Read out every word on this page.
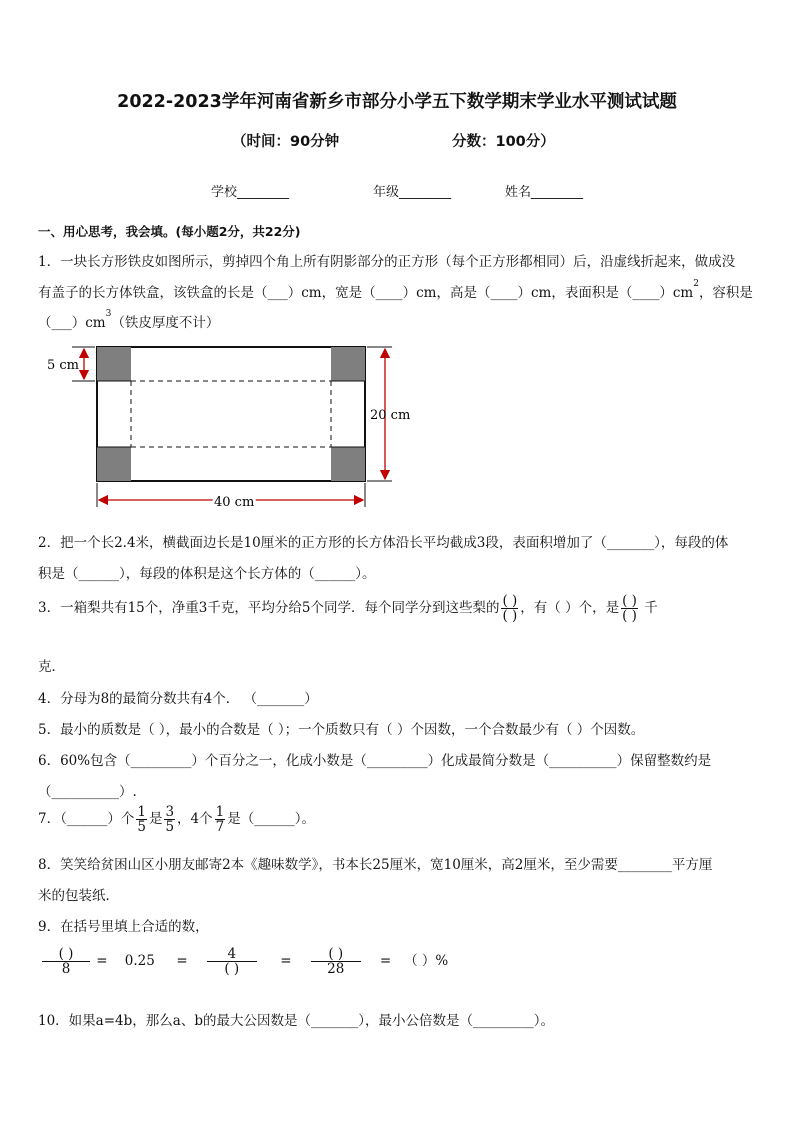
2022-2023学年河南省新乡市部分小学五下数学期末学业水平测试试题
（时间：90分钟	分数：100分）
学校________	年级________	姓名________
一、用心思考，我会填。(每小题2分，共22分)
1．一块长方形铁皮如图所示，剪掉四个角上所有阴影部分的正方形（每个正方形都相同）后，沿虚线折起来，做成没
有盖子的长方体铁盒，该铁盒的长是（___）cm，宽是（____）cm，高是（____）cm，表面积是$(\_\_\_\_)cm^2$，容积是
$(\_\_\_)cm^3$（铁皮厚度不计）
5 cm
20 cm
40 cm
2．把一个长2.4米，横截面边长是10厘米的正方形的长方体沿长平均截成3段，表面积增加了（_______），每段的体
积是（______），每段的体积是这个长方体的（______）。
3．一箱梨共有15个，净重3千克，平均分给5个同学．每个同学分到这些梨的 $\frac{( )}{( )}$ ，有（ ）个，是 $\frac{( )}{( )}$ 千
克．
4．分母为8的最简分数共有4个． （_______）
5．最小的质数是（ ），最小的合数是（ ）；一个质数只有（ ）个因数，一个合数最少有（ ）个因数。
6．60%包含（_________）个百分之一，化成小数是（_________）化成最简分数是（__________）保留整数约是
（__________）.
7．（______）个 $\frac{1}{5}$ 是 $\frac{3}{5}$ ，4个 $\frac{1}{7}$ 是（______）。
8．笑笑给贫困山区小朋友邮寄2本《趣味数学》，书本长25厘米，宽10厘米，高2厘米，至少需要________平方厘
米的包装纸．
9．在括号里填上合适的数，
$\frac{( )}{8} = 0.25 = \frac{4}{( )} = \frac{( )}{28}$ = （ ）%
10．如果a=4b，那么a、b的最大公因数是（_______），最小公倍数是（_________）。
